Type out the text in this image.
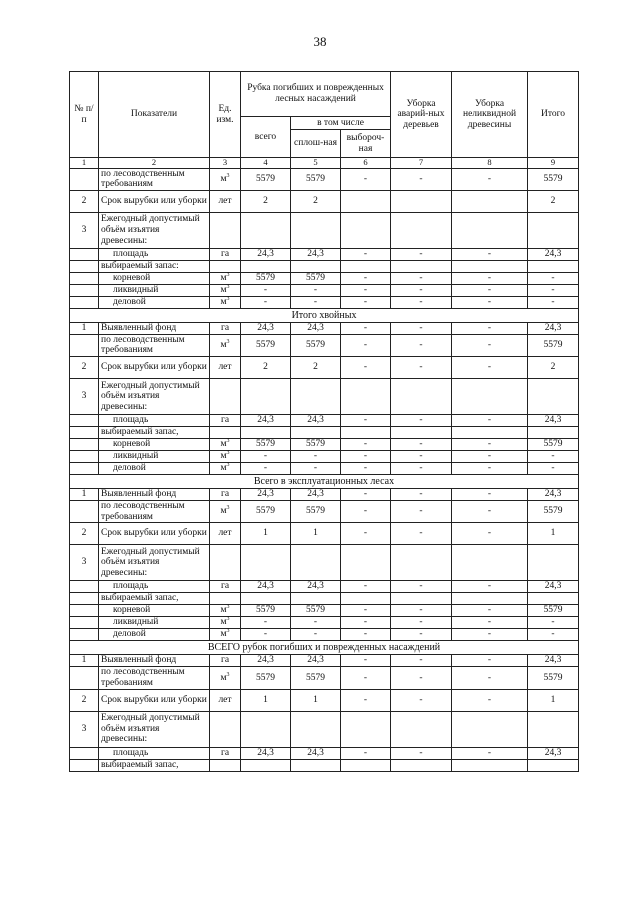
38
№ п/п	Показатели	Ед. изм.	Рубка погибших и поврежденных лесных насаждений			Уборка аварий-ных деревьев	Уборка неликвидной древесины	Итого
			всего	в том числе				
				сплош-ная	выбороч-ная			
1	2	3	4	5	6	7	8	9
	по лесоводственным требованиям	$м^3$	5579	5579	-	-	-	5579
2	Срок вырубки или уборки	лет	2	2				2
3	Ежегодный допустимый объём изъятия древесины:							
	площадь	га	24,3	24,3	-	-	-	24,3
	выбираемый запас:							
	корневой	$м^3$	5579	5579	-	-	-	-
	ликвидный	$м^3$	-	-	-	-	-	-
	деловой	$м^3$	-	-	-	-	-	-
Итого хвойных								
1	Выявленный фонд	га	24,3	24,3	-	-	-	24,3
	по лесоводственным требованиям	$м^3$	5579	5579	-	-	-	5579
2	Срок вырубки или уборки	лет	2	2	-	-	-	2
3	Ежегодный допустимый объём изъятия древесины:							
	площадь	га	24,3	24,3	-	-	-	24,3
	выбираемый запас,							
	корневой	$м^3$	5579	5579	-	-	-	5579
	ликвидный	$м^3$	-	-	-	-	-	-
	деловой	$м^3$	-	-	-	-	-	-
Всего в эксплуатационных лесах								
1	Выявленный фонд	га	24,3	24,3	-	-	-	24,3
	по лесоводственным требованиям	$м^3$	5579	5579	-	-	-	5579
2	Срок вырубки или уборки	лет	1	1	-	-	-	1
3	Ежегодный допустимый объём изъятия древесины:							
	площадь	га	24,3	24,3	-	-	-	24,3
	выбираемый запас,							
	корневой	$м^3$	5579	5579	-	-	-	5579
	ликвидный	$м^3$	-	-	-	-	-	-
	деловой	$м^3$	-	-	-	-	-	-
ВСЕГО рубок погибших и поврежденных насаждений								
1	Выявленный фонд	га	24,3	24,3	-	-	-	24,3
	по лесоводственным требованиям	$м^3$	5579	5579	-	-	-	5579
2	Срок вырубки или уборки	лет	1	1	-	-	-	1
3	Ежегодный допустимый объём изъятия древесины:							
	площадь	га	24,3	24,3	-	-	-	24,3
	выбираемый запас,							
